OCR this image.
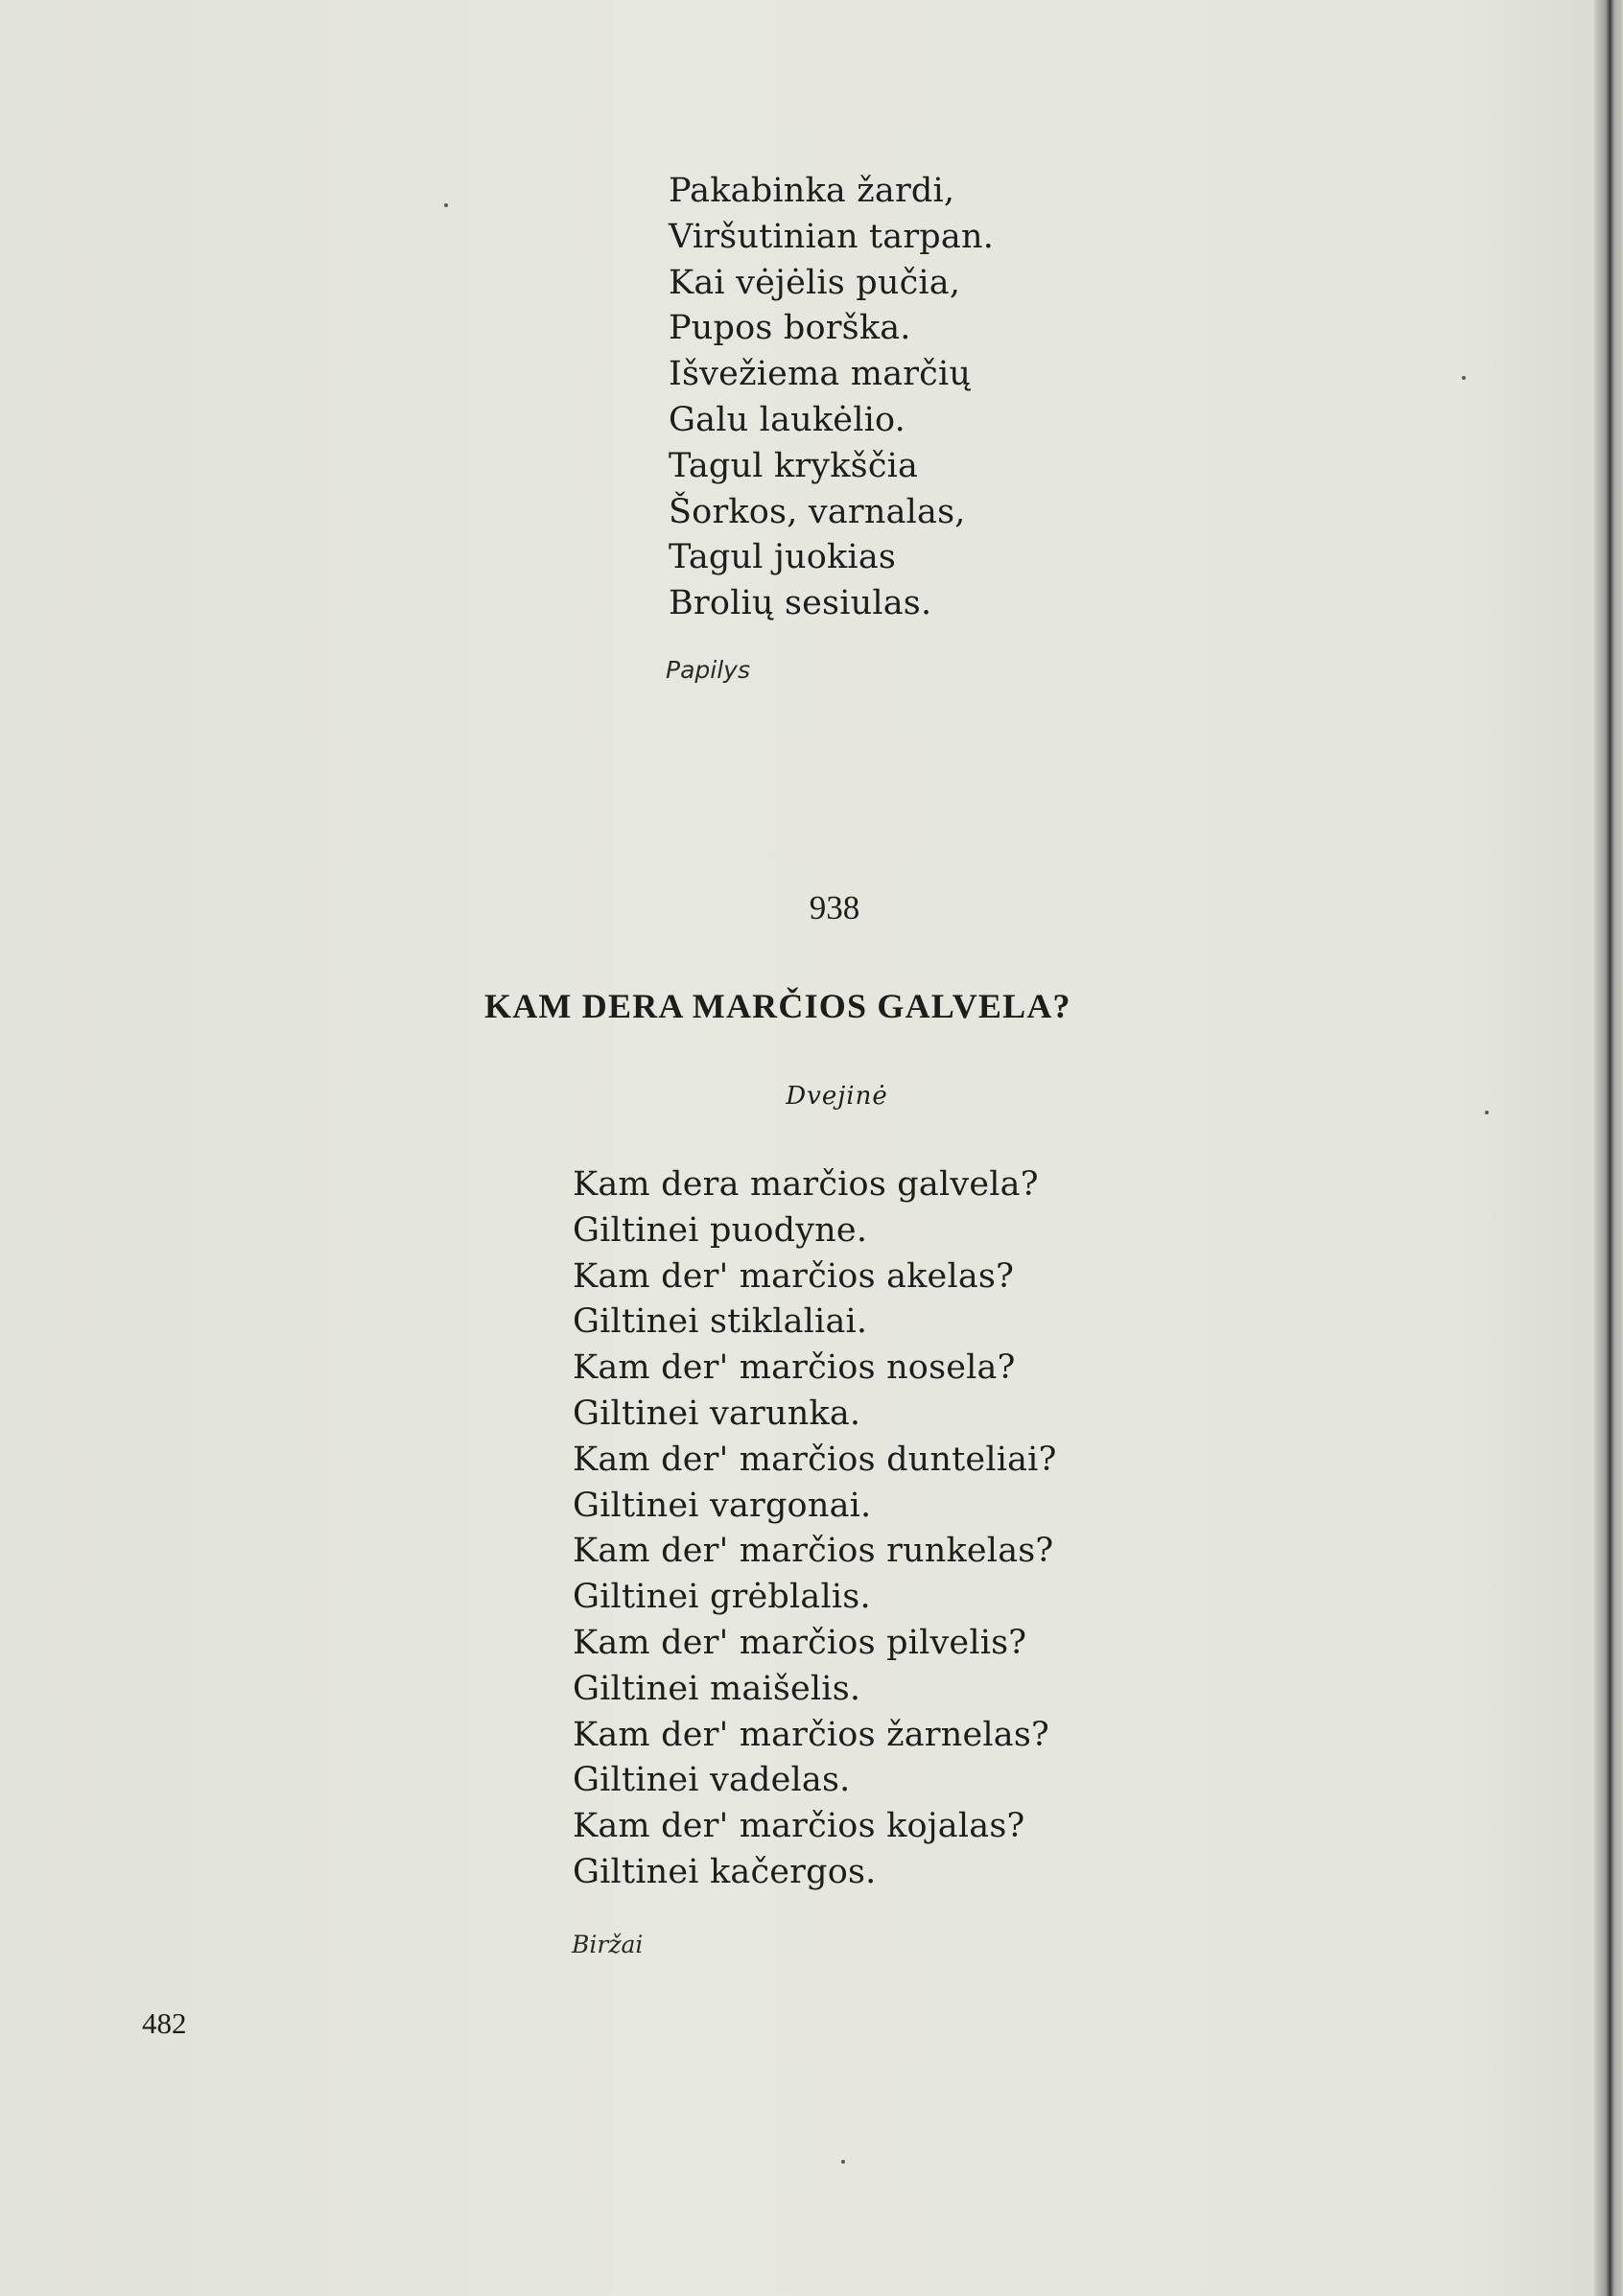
Pakabinka žardi,
Viršutinian tarpan.
Kai vėjėlis pučia,
Pupos borška.
Išvežiema marčių
Galu laukėlio.
Tagul krykščia
Šorkos, varnalas,
Tagul juokias
Brolių sesiulas.
Papilys
938
KAM DERA MARČIOS GALVELA?
Dvejinė
Kam dera marčios galvela?
Giltinei puodyne.
Kam der' marčios akelas?
Giltinei stiklaliai.
Kam der' marčios nosela?
Giltinei varunka.
Kam der' marčios dunteliai?
Giltinei vargonai.
Kam der' marčios runkelas?
Giltinei grėblalis.
Kam der' marčios pilvelis?
Giltinei maišelis.
Kam der' marčios žarnelas?
Giltinei vadelas.
Kam der' marčios kojalas?
Giltinei kačergos.
Biržai
482
